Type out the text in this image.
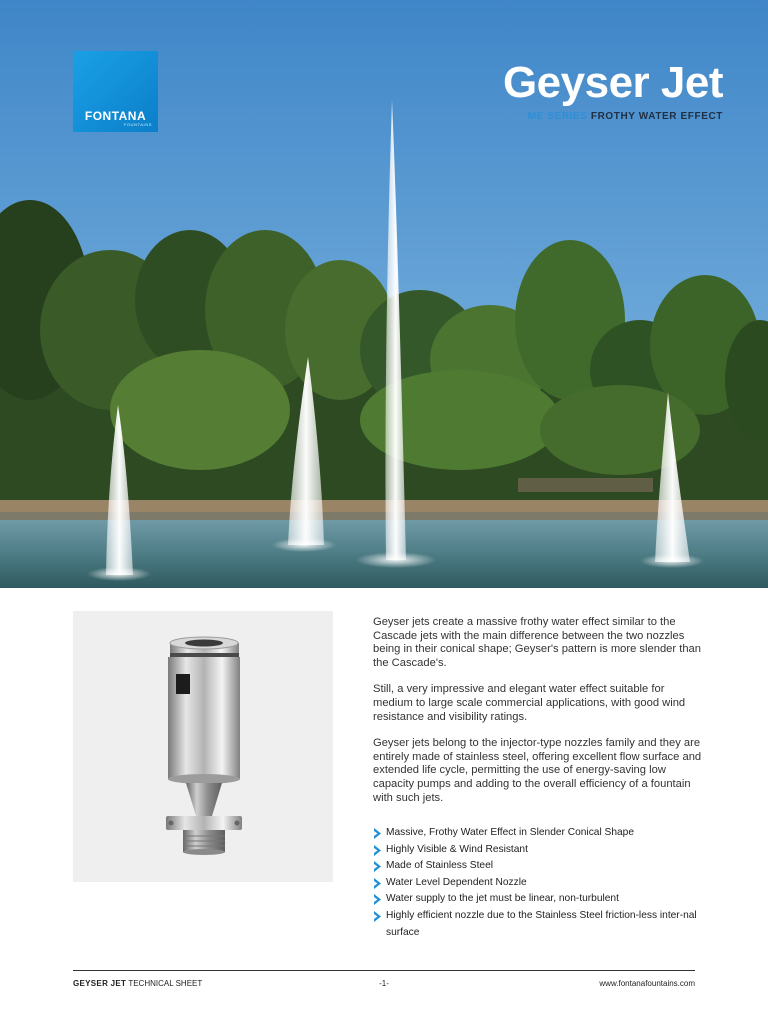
FONTANA
FOUNTAINS
Geyser Jet
ME SERIES FROTHY WATER EFFECT

Geyser jets create a massive frothy water effect similar to the Cascade jets with the main difference between the two nozzles being in their conical shape; Geyser's pattern is more slender than the Cascade's.

Still, a very impressive and elegant water effect suitable for medium to large scale commercial applications, with good wind resistance and visibility ratings.

Geyser jets belong to the injector-type nozzles family and they are entirely made of stainless steel, offering excellent flow surface and extended life cycle, permitting the use of energy-saving low capacity pumps and adding to the overall efficiency of a fountain with such jets.

Massive, Frothy Water Effect in Slender Conical Shape
Highly Visible & Wind Resistant
Made of Stainless Steel
Water Level Dependent Nozzle
Water supply to the jet must be linear, non-turbulent
Highly efficient nozzle due to the Stainless Steel friction-less inter-nal surface
GEYSER JET TECHNICAL SHEET	-1-	www.fontanafountains.com
